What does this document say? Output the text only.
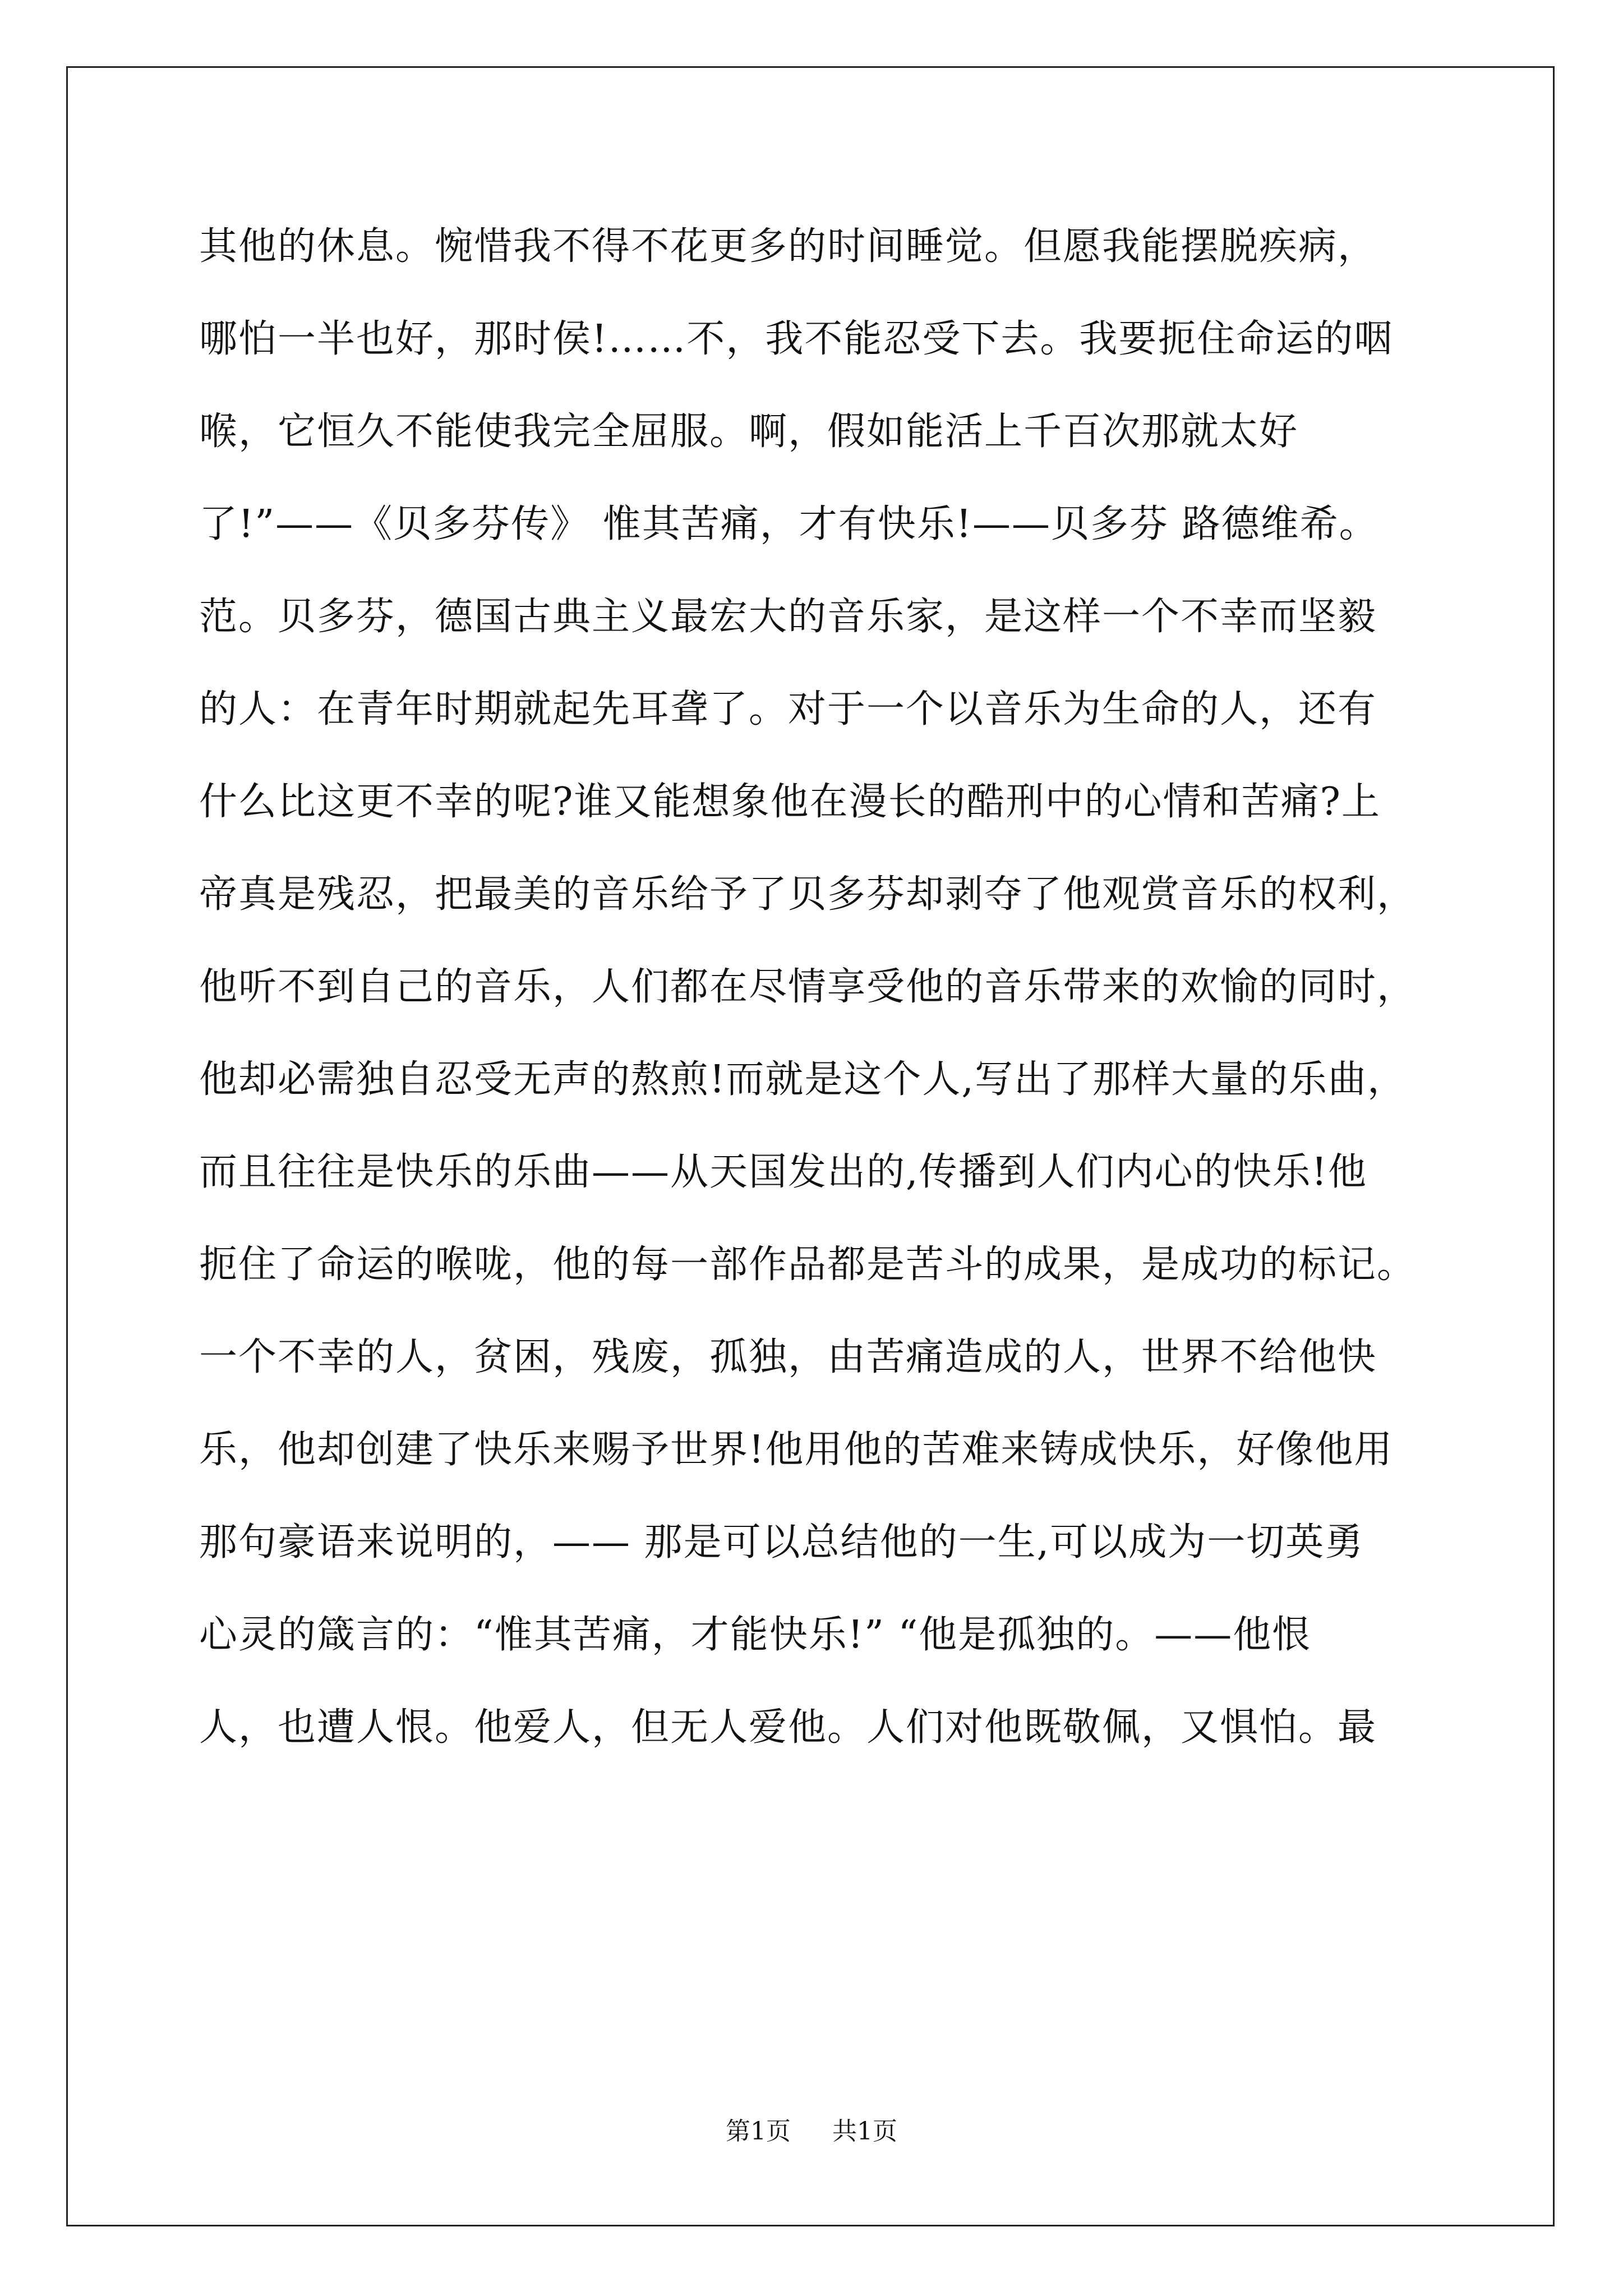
其他的休息。惋惜我不得不花更多的时间睡觉。但愿我能摆脱疾病，
哪怕一半也好，那时侯!……不，我不能忍受下去。我要扼住命运的咽
喉，它恒久不能使我完全屈服。啊，假如能活上千百次那就太好
了!”——《贝多芬传》 惟其苦痛，才有快乐!——贝多芬 路德维希。
范。贝多芬，德国古典主义最宏大的音乐家，是这样一个不幸而坚毅
的人：在青年时期就起先耳聋了。对于一个以音乐为生命的人，还有
什么比这更不幸的呢?谁又能想象他在漫长的酷刑中的心情和苦痛?上
帝真是残忍，把最美的音乐给予了贝多芬却剥夺了他观赏音乐的权利，
他听不到自己的音乐，人们都在尽情享受他的音乐带来的欢愉的同时，
他却必需独自忍受无声的熬煎!而就是这个人,写出了那样大量的乐曲，
而且往往是快乐的乐曲——从天国发出的,传播到人们内心的快乐!他
扼住了命运的喉咙，他的每一部作品都是苦斗的成果，是成功的标记。
一个不幸的人，贫困，残废，孤独，由苦痛造成的人，世界不给他快
乐，他却创建了快乐来赐予世界!他用他的苦难来铸成快乐，好像他用
那句豪语来说明的，—— 那是可以总结他的一生,可以成为一切英勇
心灵的箴言的：“惟其苦痛，才能快乐!” “他是孤独的。——他恨
人，也遭人恨。他爱人，但无人爱他。人们对他既敬佩，又惧怕。最
第1页 共1页
